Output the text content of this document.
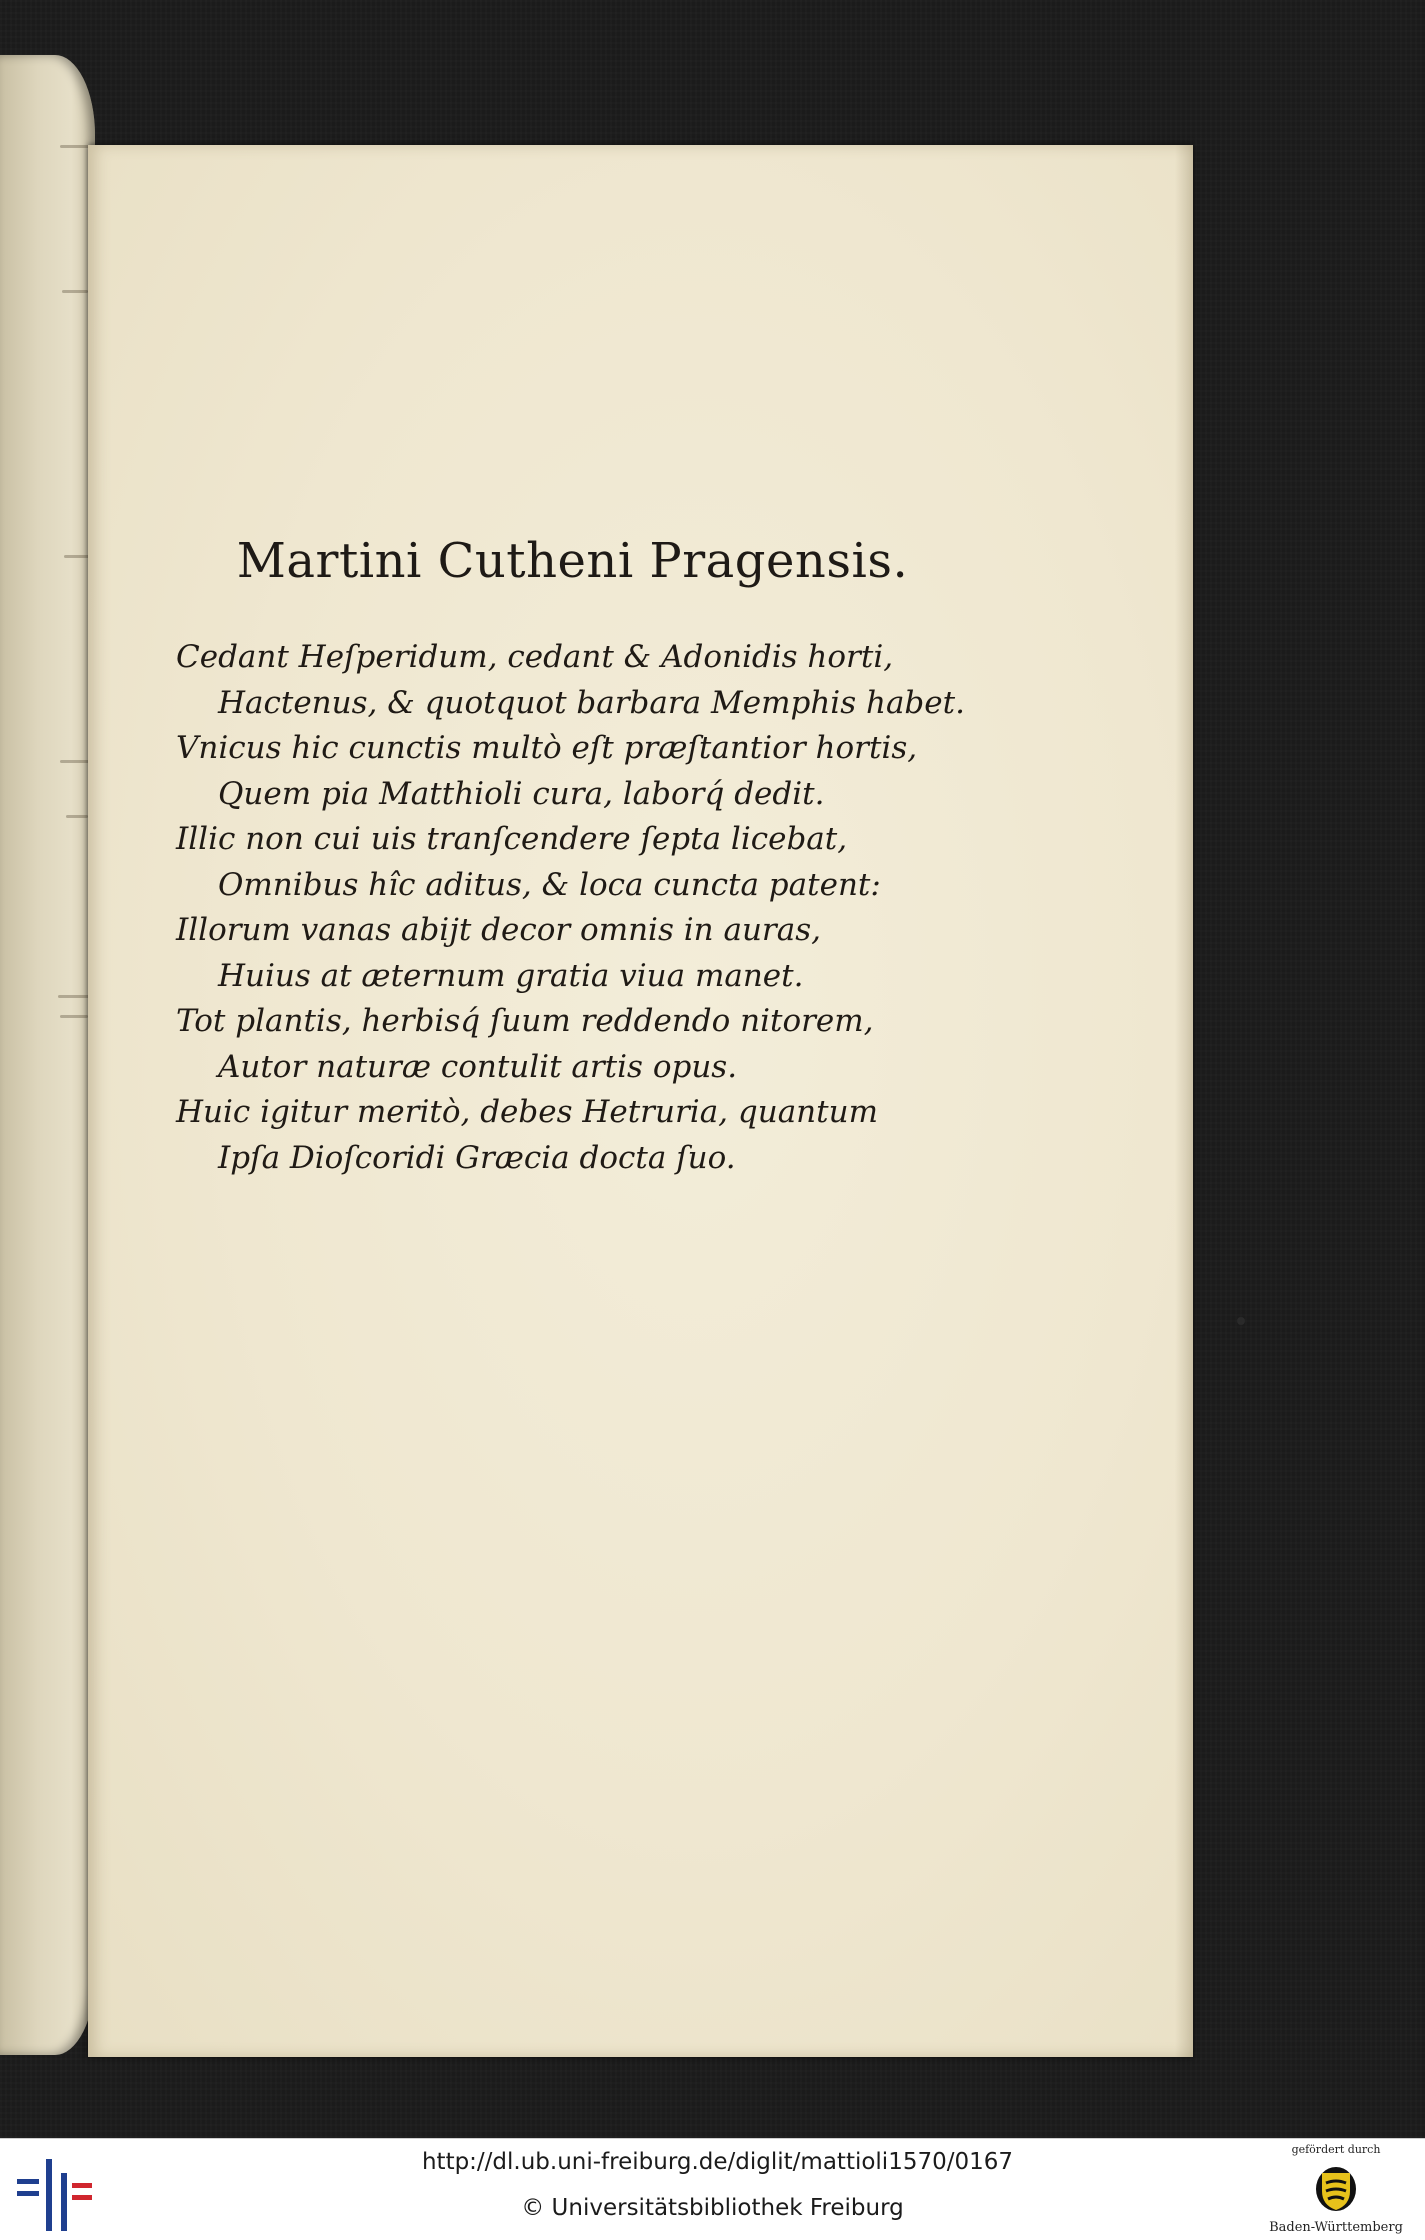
Martini Cutheni Pragensis.
Cedant Heſperidum, cedant & Adonidis horti,
Hactenus, & quotquot barbara Memphis habet.
Vnicus hic cunctis multò eſt præſtantior hortis,
Quem pia Matthioli cura, laborq́ dedit.
Illic non cui uis tranſcendere ſepta licebat,
Omnibus hîc aditus, & loca cuncta patent:
Illorum vanas abijt decor omnis in auras,
Huius at æternum gratia viua manet.
Tot plantis, herbisq́ ſuum reddendo nitorem,
Autor naturæ contulit artis opus.
Huic igitur meritò, debes Hetruria, quantum
Ipſa Dioſcoridi Græcia docta ſuo.
http://dl.ub.uni-freiburg.de/diglit/mattioli1570/0167
© Universitätsbibliothek Freiburg
gefördert durch
Baden-Württemberg
